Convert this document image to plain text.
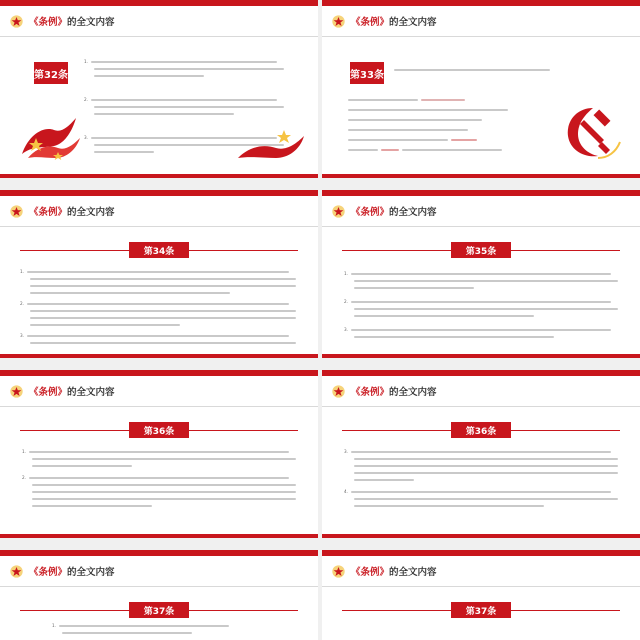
《条例》的全文内容
第32条
1.
2.
3.
《条例》的全文内容
第33条
《条例》的全文内容
第34条
1.
2.
3.
《条例》的全文内容
第35条
1.
2.
3.
《条例》的全文内容
第36条
1.
2.
《条例》的全文内容
第36条
3.
4.
《条例》的全文内容
第37条
1.
《条例》的全文内容
第37条
